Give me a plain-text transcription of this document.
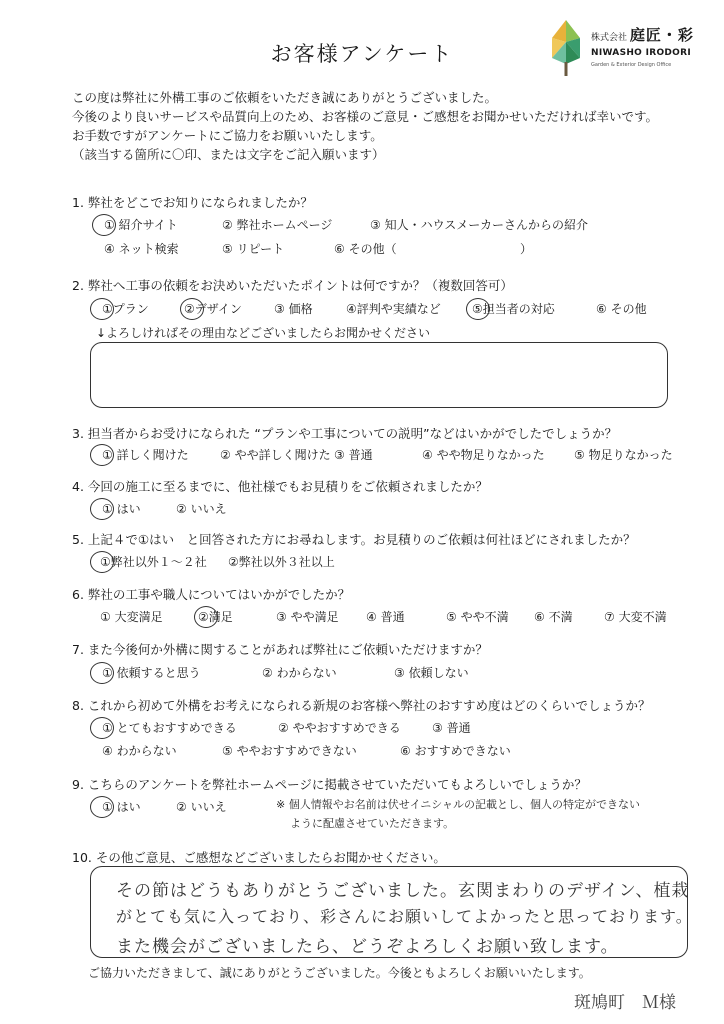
お客様アンケート
株式会社 庭匠・彩
NIWASHO IRODORI
Garden & Exterior Design Office
この度は弊社に外構工事のご依頼をいただき誠にありがとうございました。
今後のより良いサービスや品質向上のため、お客様のご意見・ご感想をお聞かせいただければ幸いです。
お手数ですがアンケートにご協力をお願いいたします。
（該当する箇所に〇印、または文字をご記入願います）
1. 弊社をどこでお知りになられましたか？
① 紹介サイト	② 弊社ホームページ	③ 知人・ハウスメーカーさんからの紹介
④ ネット検索	⑤ リピート	⑥ その他（	）
2. 弊社へ工事の依頼をお決めいただいたポイントは何ですか？（複数回答可）
①プラン	②デザイン	③ 価格	④評判や実績など	⑤担当者の対応	⑥ その他
↓よろしければその理由などございましたらお聞かせください
3. 担当者からお受けになられた “プランや工事についての説明”などはいかがでしたでしょうか？
① 詳しく聞けた	② やや詳しく聞けた ③ 普通	④ やや物足りなかった ⑤ 物足りなかった
4. 今回の施工に至るまでに、他社様でもお見積りをご依頼されましたか？
① はい	② いいえ
5. 上記４で①はい　と回答された方にお尋ねします。お見積りのご依頼は何社ほどにされましたか？
①弊社以外１～２社 ②弊社以外３社以上
6. 弊社の工事や職人についてはいかがでしたか？
① 大変満足	②満足	③ やや満足 ④ 普通	⑤ やや不満 ⑥ 不満	⑦ 大変不満
7. また今後何か外構に関することがあれば弊社にご依頼いただけますか？
① 依頼すると思う	② わからない	③ 依頼しない
8. これから初めて外構をお考えになられる新規のお客様へ弊社のおすすめ度はどのくらいでしょうか？
① とてもおすすめできる	② ややおすすめできる	③ 普通
④ わからない	⑤ ややおすすめできない	⑥ おすすめできない
9. こちらのアンケートを弊社ホームページに掲載させていただいてもよろしいでしょうか？
① はい	② いいえ	※ 個人情報やお名前は伏せイニシャルの記載とし、個人の特定ができない
ように配慮させていただきます。
10. その他ご意見、ご感想などございましたらお聞かせください。
その節はどうもありがとうございました。玄関まわりのデザイン、植栽
がとても気に入っており、彩さんにお願いしてよかったと思っております。
また機会がございましたら、どうぞよろしくお願い致します。
ご協力いただきまして、誠にありがとうございました。今後ともよろしくお願いいたします。
斑鳩町　Ｍ様
